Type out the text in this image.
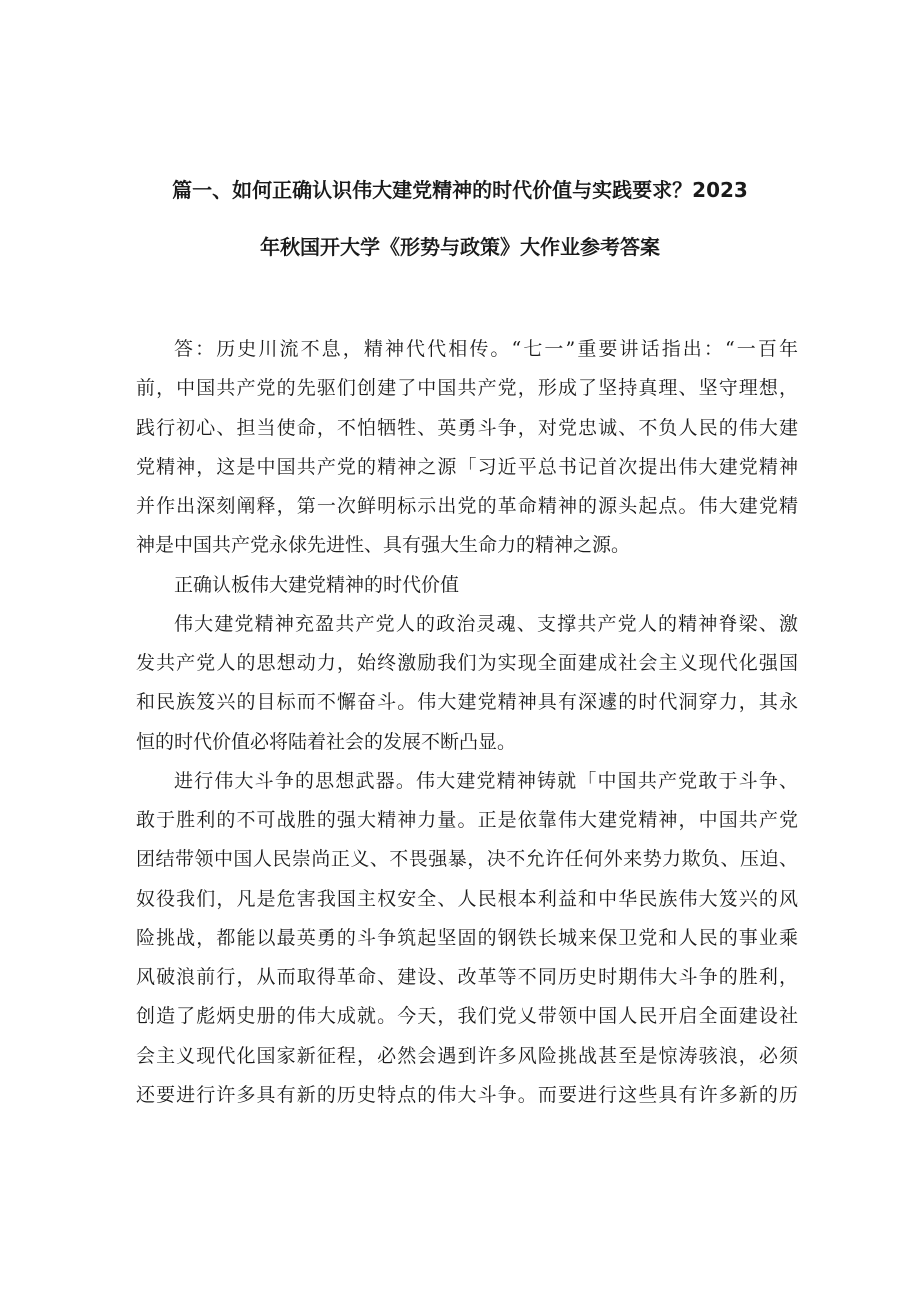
篇一、如何正确认识伟大建党精神的时代价值与实践要求？2023
年秋国开大学《形势与政策》大作业参考答案
答：历史川流不息，精神代代相传。“七一”重要讲话指出：“一百年
前，中国共产党的先驱们创建了中国共产党，形成了坚持真理、坚守理想，
践行初心、担当使命，不怕牺牲、英勇斗争，对党忠诚、不负人民的伟大建
党精神，这是中国共产党的精神之源「习近平总书记首次提出伟大建党精神
并作出深刻阐释，第一次鲜明标示出党的革命精神的源头起点。伟大建党精
神是中国共产党永俅先进性、具有强大生命力的精神之源。
正确认板伟大建党精神的时代价值
伟大建党精神充盈共产党人的政治灵魂、支撑共产党人的精神脊梁、激
发共产党人的思想动力，始终激励我们为实现全面建成社会主义现代化强国
和民族笈兴的目标而不懈奋斗。伟大建党精神具有深遽的时代洞穿力，其永
恒的时代价值必将陆着社会的发展不断凸显。
进行伟大斗争的思想武器。伟大建党精神铸就「中国共产党敢于斗争、
敢于胜利的不可战胜的强大精神力量。正是依靠伟大建党精神，中国共产党
团结带领中国人民崇尚正义、不畏强暴，决不允许任何外来势力欺负、压迫、
奴役我们，凡是危害我国主权安全、人民根本利益和中华民族伟大笈兴的风
险挑战，都能以最英勇的斗争筑起坚固的钢铁长城来保卫党和人民的事业乘
风破浪前行，从而取得革命、建设、改革等不同历史时期伟大斗争的胜利，
创造了彪炳史册的伟大成就。今天，我们党乂带领中国人民开启全面建设社
会主义现代化国家新征程，必然会遇到许多风险挑战甚至是惊涛骇浪，必须
还要进行许多具有新的历史特点的伟大斗争。而要进行这些具有许多新的历
